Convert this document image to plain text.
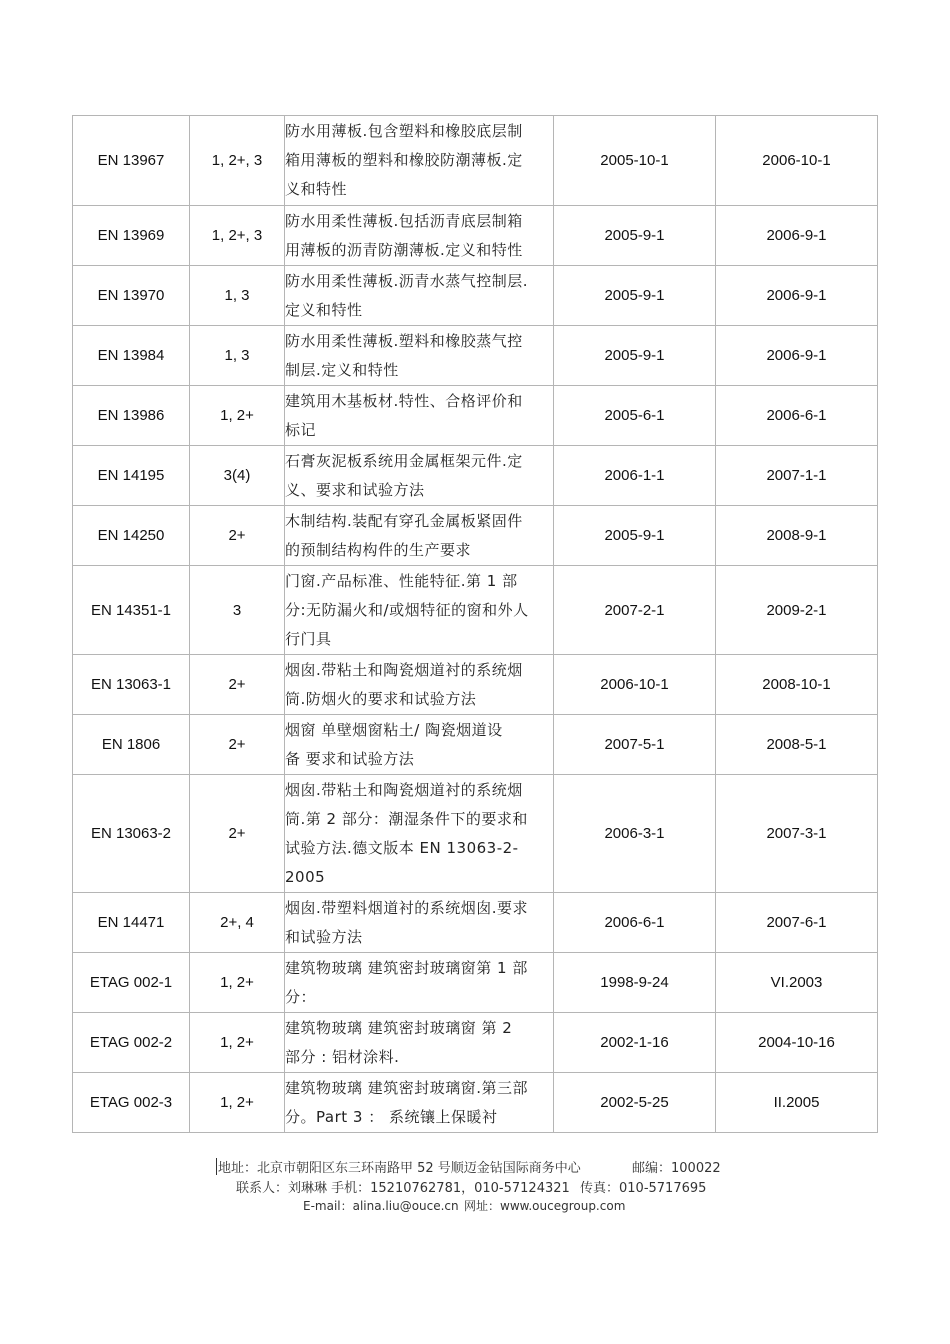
EN 13967	1, 2+, 3	防水用薄板.包含塑料和橡胶底层制
箱用薄板的塑料和橡胶防潮薄板.定
义和特性	2005-10-1	2006-10-1
EN 13969	1, 2+, 3	防水用柔性薄板.包括沥青底层制箱
用薄板的沥青防潮薄板.定义和特性	2005-9-1	2006-9-1
EN 13970	1, 3	防水用柔性薄板.沥青水蒸气控制层.
定义和特性	2005-9-1	2006-9-1
EN 13984	1, 3	防水用柔性薄板.塑料和橡胶蒸气控
制层.定义和特性	2005-9-1	2006-9-1
EN 13986	1, 2+	建筑用木基板材.特性、合格评价和
标记	2005-6-1	2006-6-1
EN 14195	3(4)	石膏灰泥板系统用金属框架元件.定
义、要求和试验方法	2006-1-1	2007-1-1
EN 14250	2+	木制结构.装配有穿孔金属板紧固件
的预制结构构件的生产要求	2005-9-1	2008-9-1
EN 14351-1	3	门窗.产品标准、性能特征.第 1 部
分:无防漏火和/或烟特征的窗和外人
行门具	2007-2-1	2009-2-1
EN 13063-1	2+	烟囱.带粘土和陶瓷烟道衬的系统烟
筒.防烟火的要求和试验方法	2006-10-1	2008-10-1
EN 1806	2+	烟窗 单壁烟窗粘土/ 陶瓷烟道设
备 要求和试验方法	2007-5-1	2008-5-1
EN 13063-2	2+	烟囱.带粘土和陶瓷烟道衬的系统烟
筒.第 2 部分：潮湿条件下的要求和
试验方法.德文版本 EN 13063-2-
2005	2006-3-1	2007-3-1
EN 14471	2+, 4	烟囱.带塑料烟道衬的系统烟囱.要求
和试验方法	2006-6-1	2007-6-1
ETAG 002-1	1, 2+	建筑物玻璃 建筑密封玻璃窗第 1 部
分：	1998-9-24	VI.2003
ETAG 002-2	1, 2+	建筑物玻璃 建筑密封玻璃窗 第 2
部分 : 铝材涂料.	2002-1-16	2004-10-16
ETAG 002-3	1, 2+	建筑物玻璃 建筑密封玻璃窗.第三部
分。Part 3 ： 系统镶上保暖衬	2002-5-25	II.2005
地址：北京市朝阳区东三环南路甲 52 号顺迈金钻国际商务中心	邮编：100022
联系人：刘琳琳 手机：15210762781，010-57124321 传真：010-5717695
E-mail：alina.liu@ouce.cn 网址：www.oucegroup.com
